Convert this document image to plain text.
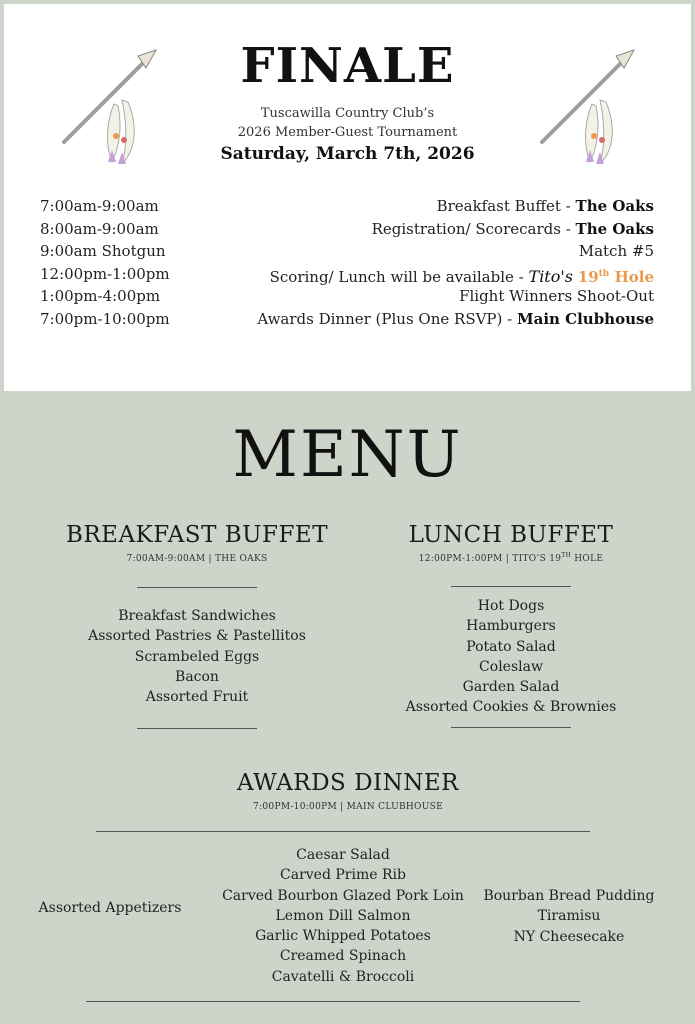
FINALE
Tuscawilla Country Club’s
2026 Member-Guest Tournament
Saturday, March 7th, 2026
7:00am-9:00am	Breakfast Buffet - The Oaks
8:00am-9:00am	Registration/ Scorecards - The Oaks
9:00am Shotgun	Match #5
12:00pm-1:00pm	Scoring/ Lunch will be available - Tito's 19th Hole
1:00pm-4:00pm	Flight Winners Shoot-Out
7:00pm-10:00pm	Awards Dinner (Plus One RSVP) - Main Clubhouse
MENU
BREAKFAST BUFFET
7:00AM-9:00AM | THE OAKS
Breakfast Sandwiches
Assorted Pastries & Pastellitos
Scrambeled Eggs
Bacon
Assorted Fruit
LUNCH BUFFET
12:00PM-1:00PM | TITO’S 19TH HOLE
Hot Dogs
Hamburgers
Potato Salad
Coleslaw
Garden Salad
Assorted Cookies & Brownies
AWARDS DINNER
7:00PM-10:00PM | MAIN CLUBHOUSE
Assorted Appetizers
Caesar Salad
Carved Prime Rib
Carved Bourbon Glazed Pork Loin
Lemon Dill Salmon
Garlic Whipped Potatoes
Creamed Spinach
Cavatelli & Broccoli
Bourban Bread Pudding
Tiramisu
NY Cheesecake
